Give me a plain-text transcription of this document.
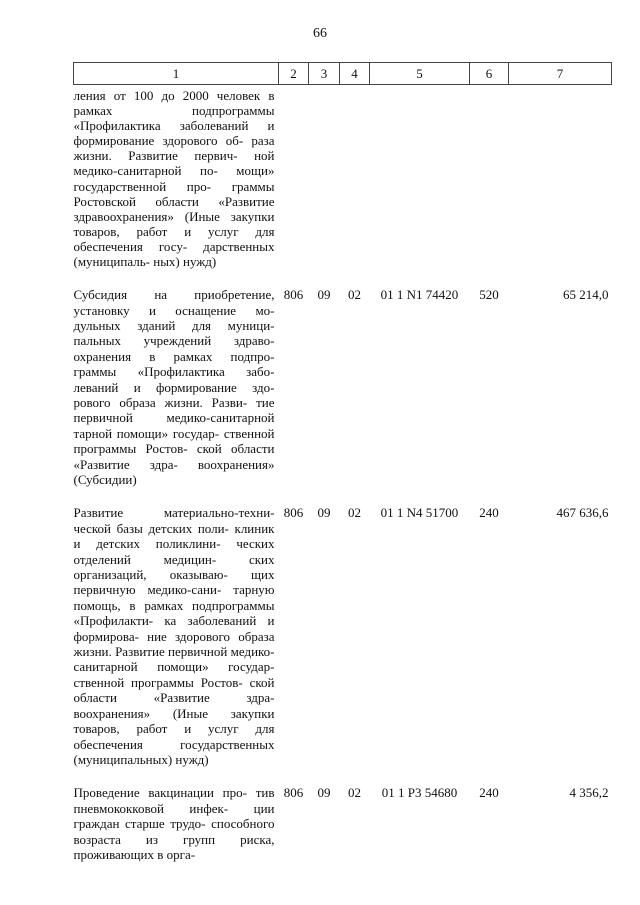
66
1	2	3	4	5	6	7
ления от 100 до 2000 человек в рамках подпрограммы «Профилактика заболеваний и формирование здорового об- раза жизни. Развитие первич- ной медико-санитарной по- мощи» государственной про- граммы Ростовской области «Развитие здравоохранения» (Иные закупки товаров, работ и услуг для обеспечения госу- дарственных (муниципаль- ных) нужд)						
Субсидия на приобретение, установку и оснащение мо- дульных зданий для муници- пальных учреждений здраво- охранения в рамках подпро- граммы «Профилактика забо- леваний и формирование здо- рового образа жизни. Разви- тие первичной медико-санитарной тарной помощи» государ- ственной программы Ростов- ской области «Развитие здра- воохранения» (Субсидии)	806	09	02	01 1 N1 74420	520	65 214,0
Развитие материально-техни- ческой базы детских поли- клиник и детских поликлини- ческих отделений медицин- ских организаций, оказываю- щих первичную медико-сани- тарную помощь, в рамках подпрограммы «Профилакти- ка заболеваний и формирова- ние здорового образа жизни. Развитие первичной медико- санитарной помощи» государ- ственной программы Ростов- ской области «Развитие здра- воохранения» (Иные закупки товаров, работ и услуг для обеспечения государственных (муниципальных) нужд)	806	09	02	01 1 N4 51700	240	467 636,6
Проведение вакцинации про- тив пневмококковой инфек- ции граждан старше трудо- способного возраста из групп риска, проживающих в орга-	806	09	02	01 1 Р3 54680	240	4 356,2
